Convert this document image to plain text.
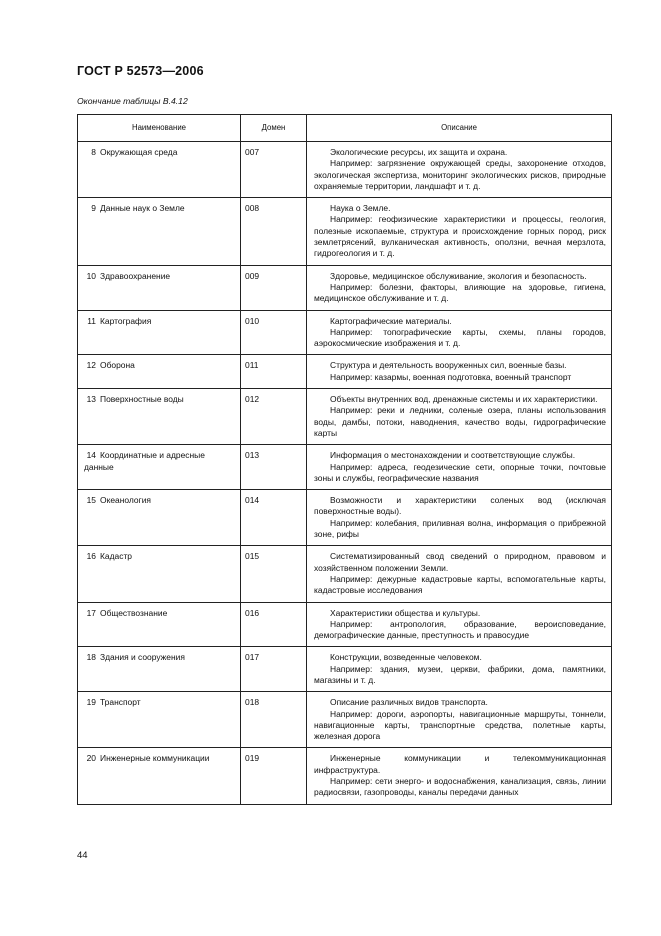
ГОСТ Р 52573—2006
Окончание таблицы В.4.12
Наименование	Домен	Описание
8 Окружающая среда	007	Экологические ресурсы, их защита и охрана.

Например: загрязнение окружающей среды, захоронение отходов, экологическая экспертиза, мониторинг экологических рисков, природные охраняемые территории, ландшафт и т. д.

9 Данные наук о Земле	008	Наука о Земле.

Например: геофизические характеристики и процессы, геология, полезные ископаемые, структура и происхождение горных пород, риск землетрясений, вулканическая активность, оползни, вечная мерзлота, гидрогеология и т. д.

10 Здравоохранение	009	Здоровье, медицинское обслуживание, экология и безопасность.

Например: болезни, факторы, влияющие на здоровье, гигиена, медицинское обслуживание и т. д.

11 Картография	010	Картографические материалы.

Например: топографические карты, схемы, планы городов, аэрокосмические изображения и т. д.

12 Оборона	011	Структура и деятельность вооруженных сил, военные базы.

Например: казармы, военная подготовка, военный транспорт

13 Поверхностные воды	012	Объекты внутренних вод, дренажные системы и их характеристики.

Например: реки и ледники, соленые озера, планы использования воды, дамбы, потоки, наводнения, качество воды, гидрографические карты

14 Координатные и адресные данные	013	Информация о местонахождении и соответствующие службы.

Например: адреса, геодезические сети, опорные точки, почтовые зоны и службы, географические названия

15 Океанология	014	Возможности и характеристики соленых вод (исключая поверхностные воды).

Например: колебания, приливная волна, информация о прибрежной зоне, рифы

16 Кадастр	015	Систематизированный свод сведений о природном, правовом и хозяйственном положении Земли.

Например: дежурные кадастровые карты, вспомогательные карты, кадастровые исследования

17 Обществознание	016	Характеристики общества и культуры.

Например: антропология, образование, вероисповедание, демографические данные, преступность и правосудие

18 Здания и сооружения	017	Конструкции, возведенные человеком.

Например: здания, музеи, церкви, фабрики, дома, памятники, магазины и т. д.

19 Транспорт	018	Описание различных видов транспорта.

Например: дороги, аэропорты, навигационные маршруты, тоннели, навигационные карты, транспортные средства, полетные карты, железная дорога

20 Инженерные коммуникации	019	Инженерные коммуникации и телекоммуникационная инфраструктура.

Например: сети энерго- и водоснабжения, канализация, связь, линии радиосвязи, газопроводы, каналы передачи данных

44
